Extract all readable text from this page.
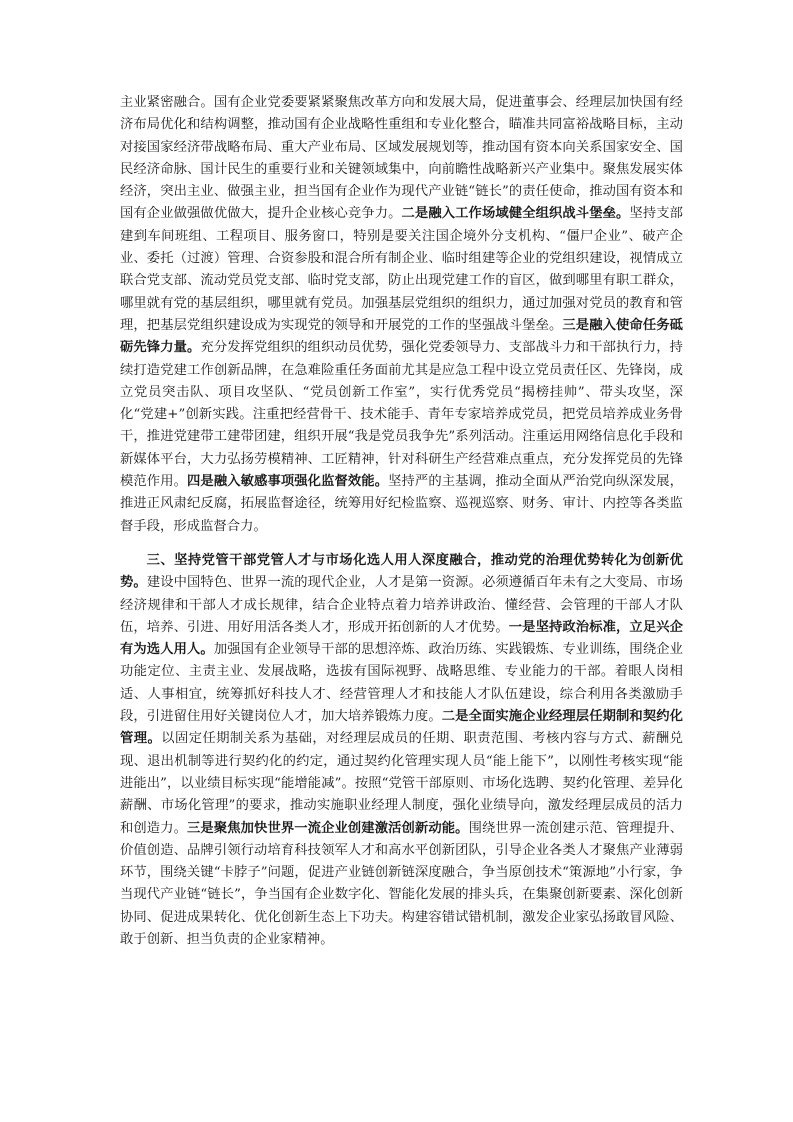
主业紧密融合。国有企业党委要紧紧聚焦改革方向和发展大局，促进董事会、经理层加快国有经济布局优化和结构调整，推动国有企业战略性重组和专业化整合，瞄准共同富裕战略目标，主动对接国家经济带战略布局、重大产业布局、区域发展规划等，推动国有资本向关系国家安全、国民经济命脉、国计民生的重要行业和关键领域集中，向前瞻性战略新兴产业集中。聚焦发展实体经济，突出主业、做强主业，担当国有企业作为现代产业链“链长”的责任使命，推动国有资本和国有企业做强做优做大，提升企业核心竞争力。二是融入工作场域健全组织战斗堡垒。坚持支部建到车间班组、工程项目、服务窗口，特别是要关注国企境外分支机构、“僵尸企业”、破产企业、委托（过渡）管理、合资参股和混合所有制企业、临时组建等企业的党组织建设，视情成立联合党支部、流动党员党支部、临时党支部，防止出现党建工作的盲区，做到哪里有职工群众，哪里就有党的基层组织，哪里就有党员。加强基层党组织的组织力，通过加强对党员的教育和管理，把基层党组织建设成为实现党的领导和开展党的工作的坚强战斗堡垒。三是融入使命任务砥砺先锋力量。充分发挥党组织的组织动员优势，强化党委领导力、支部战斗力和干部执行力，持续打造党建工作创新品牌，在急难险重任务面前尤其是应急工程中设立党员责任区、先锋岗，成立党员突击队、项目攻坚队、“党员创新工作室”，实行优秀党员“揭榜挂帅”、带头攻坚，深化“党建+”创新实践。注重把经营骨干、技术能手、青年专家培养成党员，把党员培养成业务骨干，推进党建带工建带团建，组织开展“我是党员我争先”系列活动。注重运用网络信息化手段和新媒体平台，大力弘扬劳模精神、工匠精神，针对科研生产经营难点重点，充分发挥党员的先锋模范作用。四是融入敏感事项强化监督效能。坚持严的主基调，推动全面从严治党向纵深发展，推进正风肃纪反腐，拓展监督途径，统筹用好纪检监察、巡视巡察、财务、审计、内控等各类监督手段，形成监督合力。

三、坚持党管干部党管人才与市场化选人用人深度融合，推动党的治理优势转化为创新优势。建设中国特色、世界一流的现代企业，人才是第一资源。必须遵循百年未有之大变局、市场经济规律和干部人才成长规律，结合企业特点着力培养讲政治、懂经营、会管理的干部人才队伍，培养、引进、用好用活各类人才，形成开拓创新的人才优势。一是坚持政治标准，立足兴企有为选人用人。加强国有企业领导干部的思想淬炼、政治历练、实践锻炼、专业训练，围绕企业功能定位、主责主业、发展战略，选拔有国际视野、战略思维、专业能力的干部。着眼人岗相适、人事相宜，统筹抓好科技人才、经营管理人才和技能人才队伍建设，综合利用各类激励手段，引进留住用好关键岗位人才，加大培养锻炼力度。二是全面实施企业经理层任期制和契约化管理。以固定任期制关系为基础，对经理层成员的任期、职责范围、考核内容与方式、薪酬兑现、退出机制等进行契约化的约定，通过契约化管理实现人员“能上能下”，以刚性考核实现“能进能出”，以业绩目标实现“能增能减”。按照“党管干部原则、市场化选聘、契约化管理、差异化薪酬、市场化管理”的要求，推动实施职业经理人制度，强化业绩导向，激发经理层成员的活力和创造力。三是聚焦加快世界一流企业创建激活创新动能。围绕世界一流创建示范、管理提升、价值创造、品牌引领行动培育科技领军人才和高水平创新团队，引导企业各类人才聚焦产业薄弱环节，围绕关键“卡脖子”问题，促进产业链创新链深度融合，争当原创技术“策源地”小行家，争当现代产业链“链长”，争当国有企业数字化、智能化发展的排头兵，在集聚创新要素、深化创新协同、促进成果转化、优化创新生态上下功夫。构建容错试错机制，激发企业家弘扬敢冒风险、敢于创新、担当负责的企业家精神。
